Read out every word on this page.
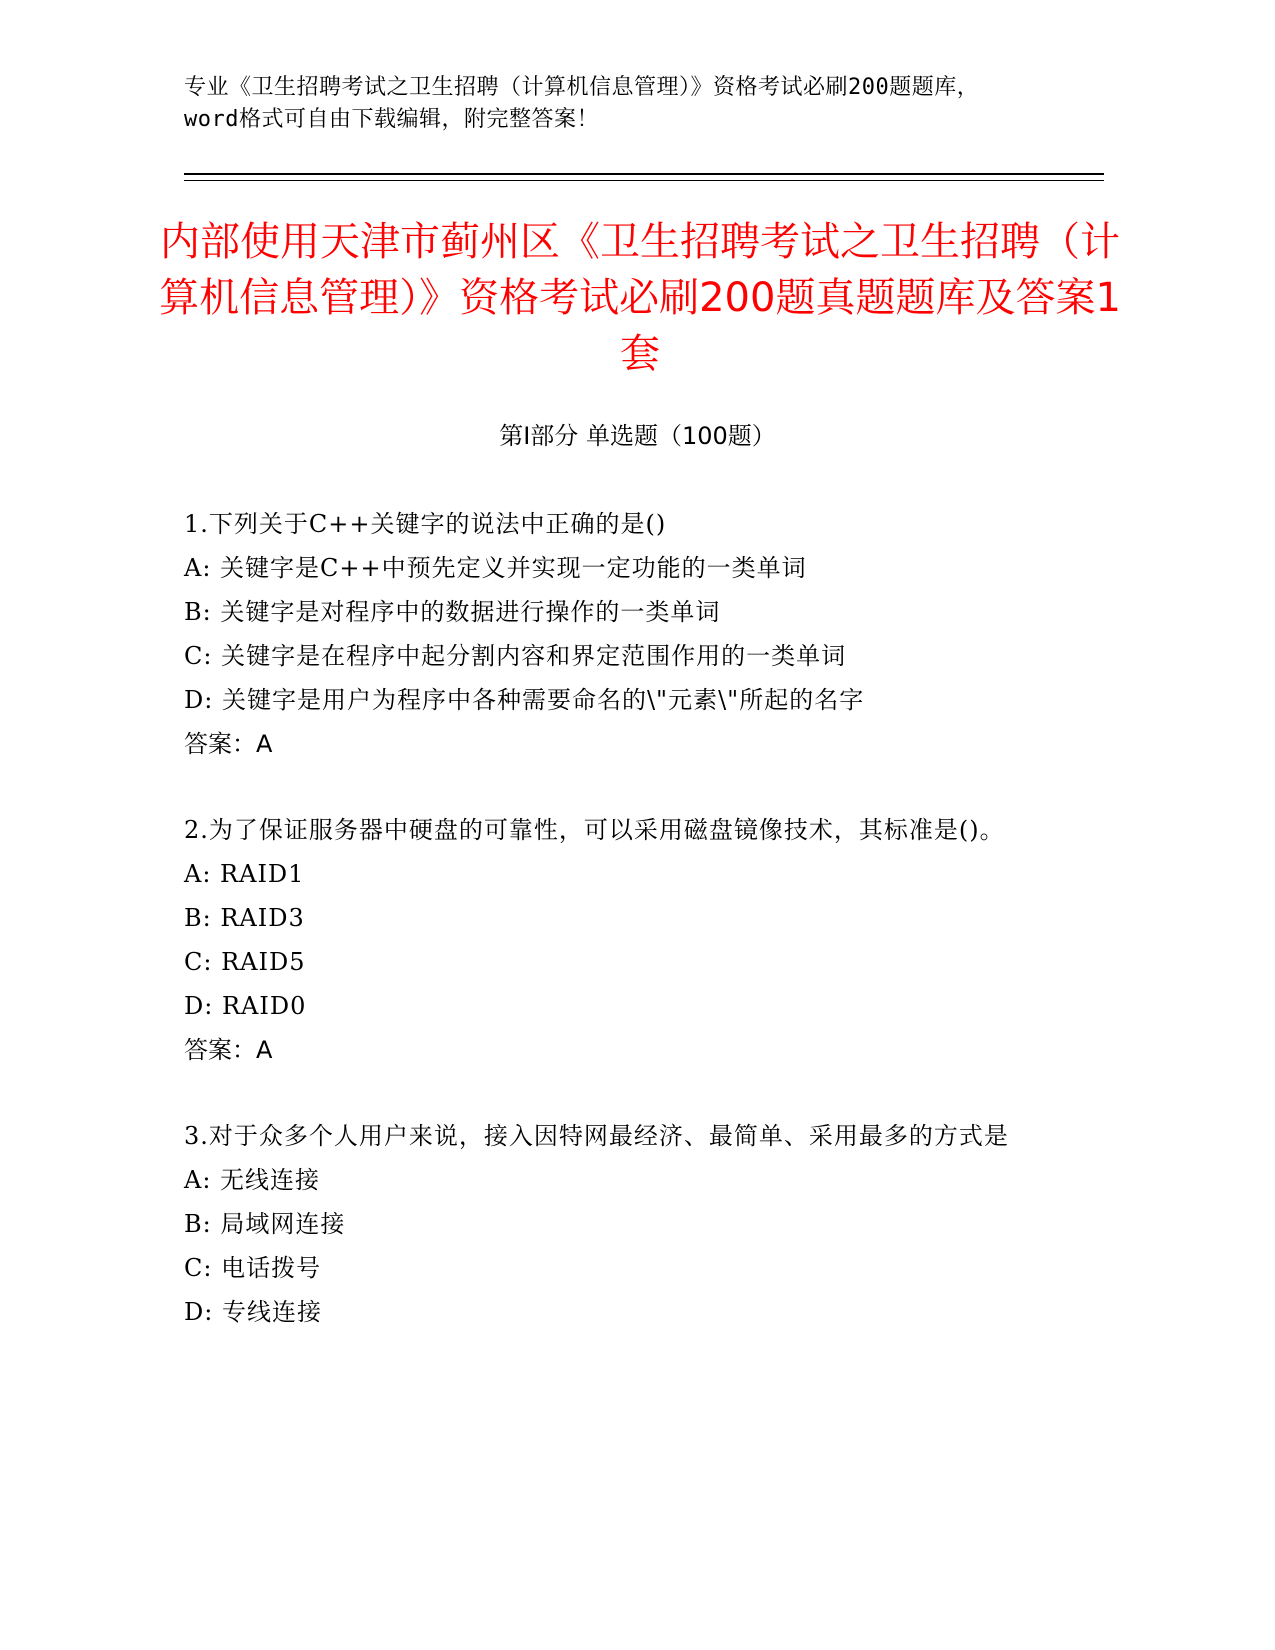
专业《卫生招聘考试之卫生招聘（计算机信息管理）》资格考试必刷200题题库，
word格式可自由下载编辑，附完整答案！
内部使用天津市蓟州区《卫生招聘考试之卫生招聘（计算机信息管理）》资格考试必刷200题真题题库及答案1套
第I部分 单选题（100题）
1.下列关于C++关键字的说法中正确的是()
A: 关键字是C++中预先定义并实现一定功能的一类单词
B: 关键字是对程序中的数据进行操作的一类单词
C: 关键字是在程序中起分割内容和界定范围作用的一类单词
D: 关键字是用户为程序中各种需要命名的\"元素\"所起的名字
答案：A
2.为了保证服务器中硬盘的可靠性，可以采用磁盘镜像技术，其标准是()。
A: RAID1
B: RAID3
C: RAID5
D: RAID0
答案：A
3.对于众多个人用户来说，接入因特网最经济、最简单、采用最多的方式是
A: 无线连接
B: 局域网连接
C: 电话拨号
D: 专线连接
